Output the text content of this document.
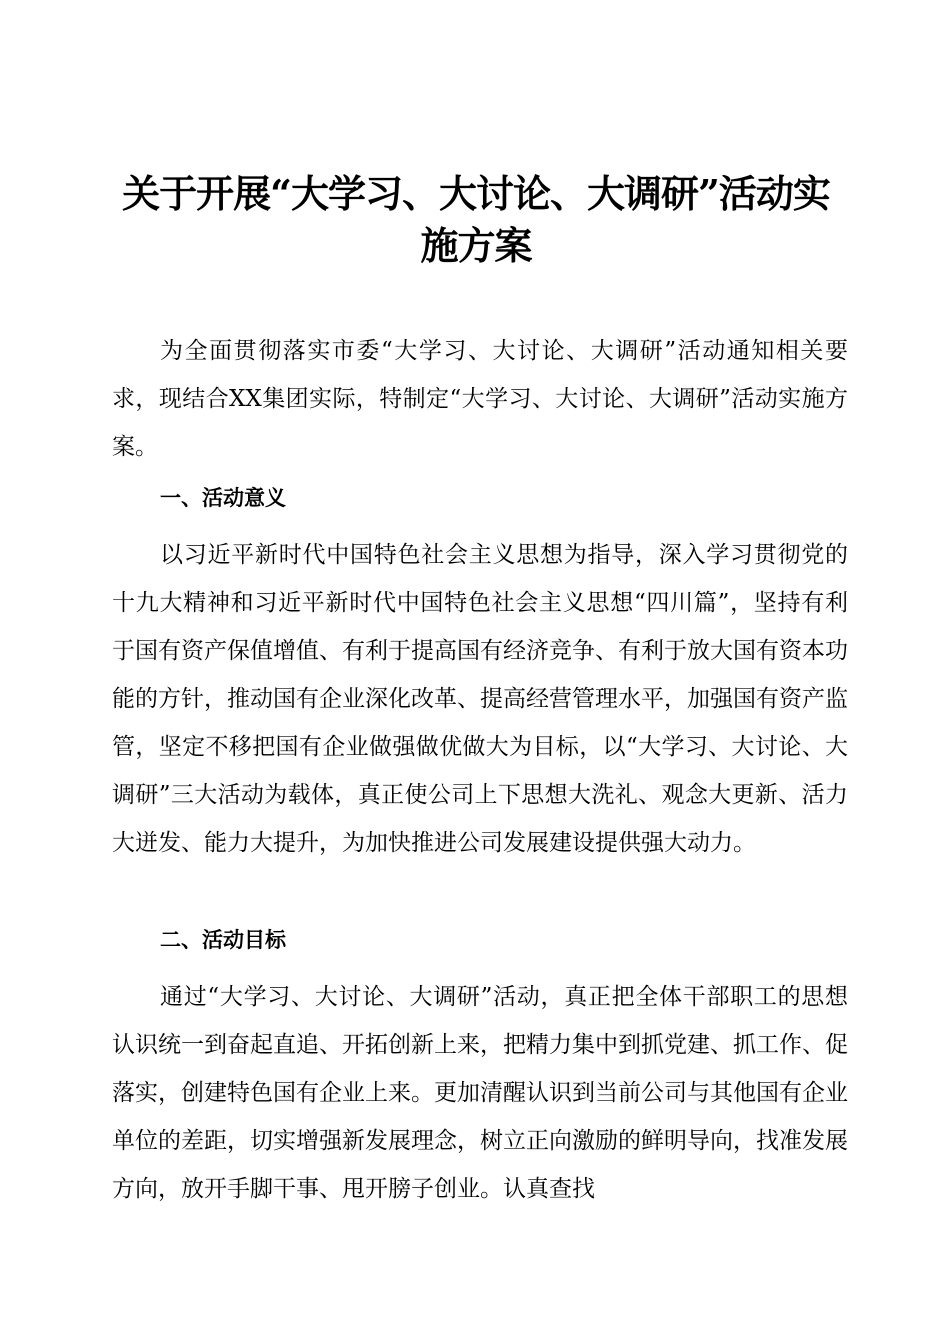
关于开展“大学习、大讨论、大调研”活动实施方案

为全面贯彻落实市委“大学习、大讨论、大调研”活动通知相关要求，现结合XX集团实际，特制定“大学习、大讨论、大调研”活动实施方案。

一、活动意义

以习近平新时代中国特色社会主义思想为指导，深入学习贯彻党的十九大精神和习近平新时代中国特色社会主义思想“四川篇”，坚持有利于国有资产保值增值、有利于提高国有经济竞争、有利于放大国有资本功能的方针，推动国有企业深化改革、提高经营管理水平，加强国有资产监管，坚定不移把国有企业做强做优做大为目标，以“大学习、大讨论、大调研”三大活动为载体，真正使公司上下思想大洗礼、观念大更新、活力大迸发、能力大提升，为加快推进公司发展建设提供强大动力。

二、活动目标

通过“大学习、大讨论、大调研”活动，真正把全体干部职工的思想认识统一到奋起直追、开拓创新上来，把精力集中到抓党建、抓工作、促落实，创建特色国有企业上来。更加清醒认识到当前公司与其他国有企业单位的差距，切实增强新发展理念，树立正向激励的鲜明导向，找准发展方向，放开手脚干事、甩开膀子创业。认真查找
